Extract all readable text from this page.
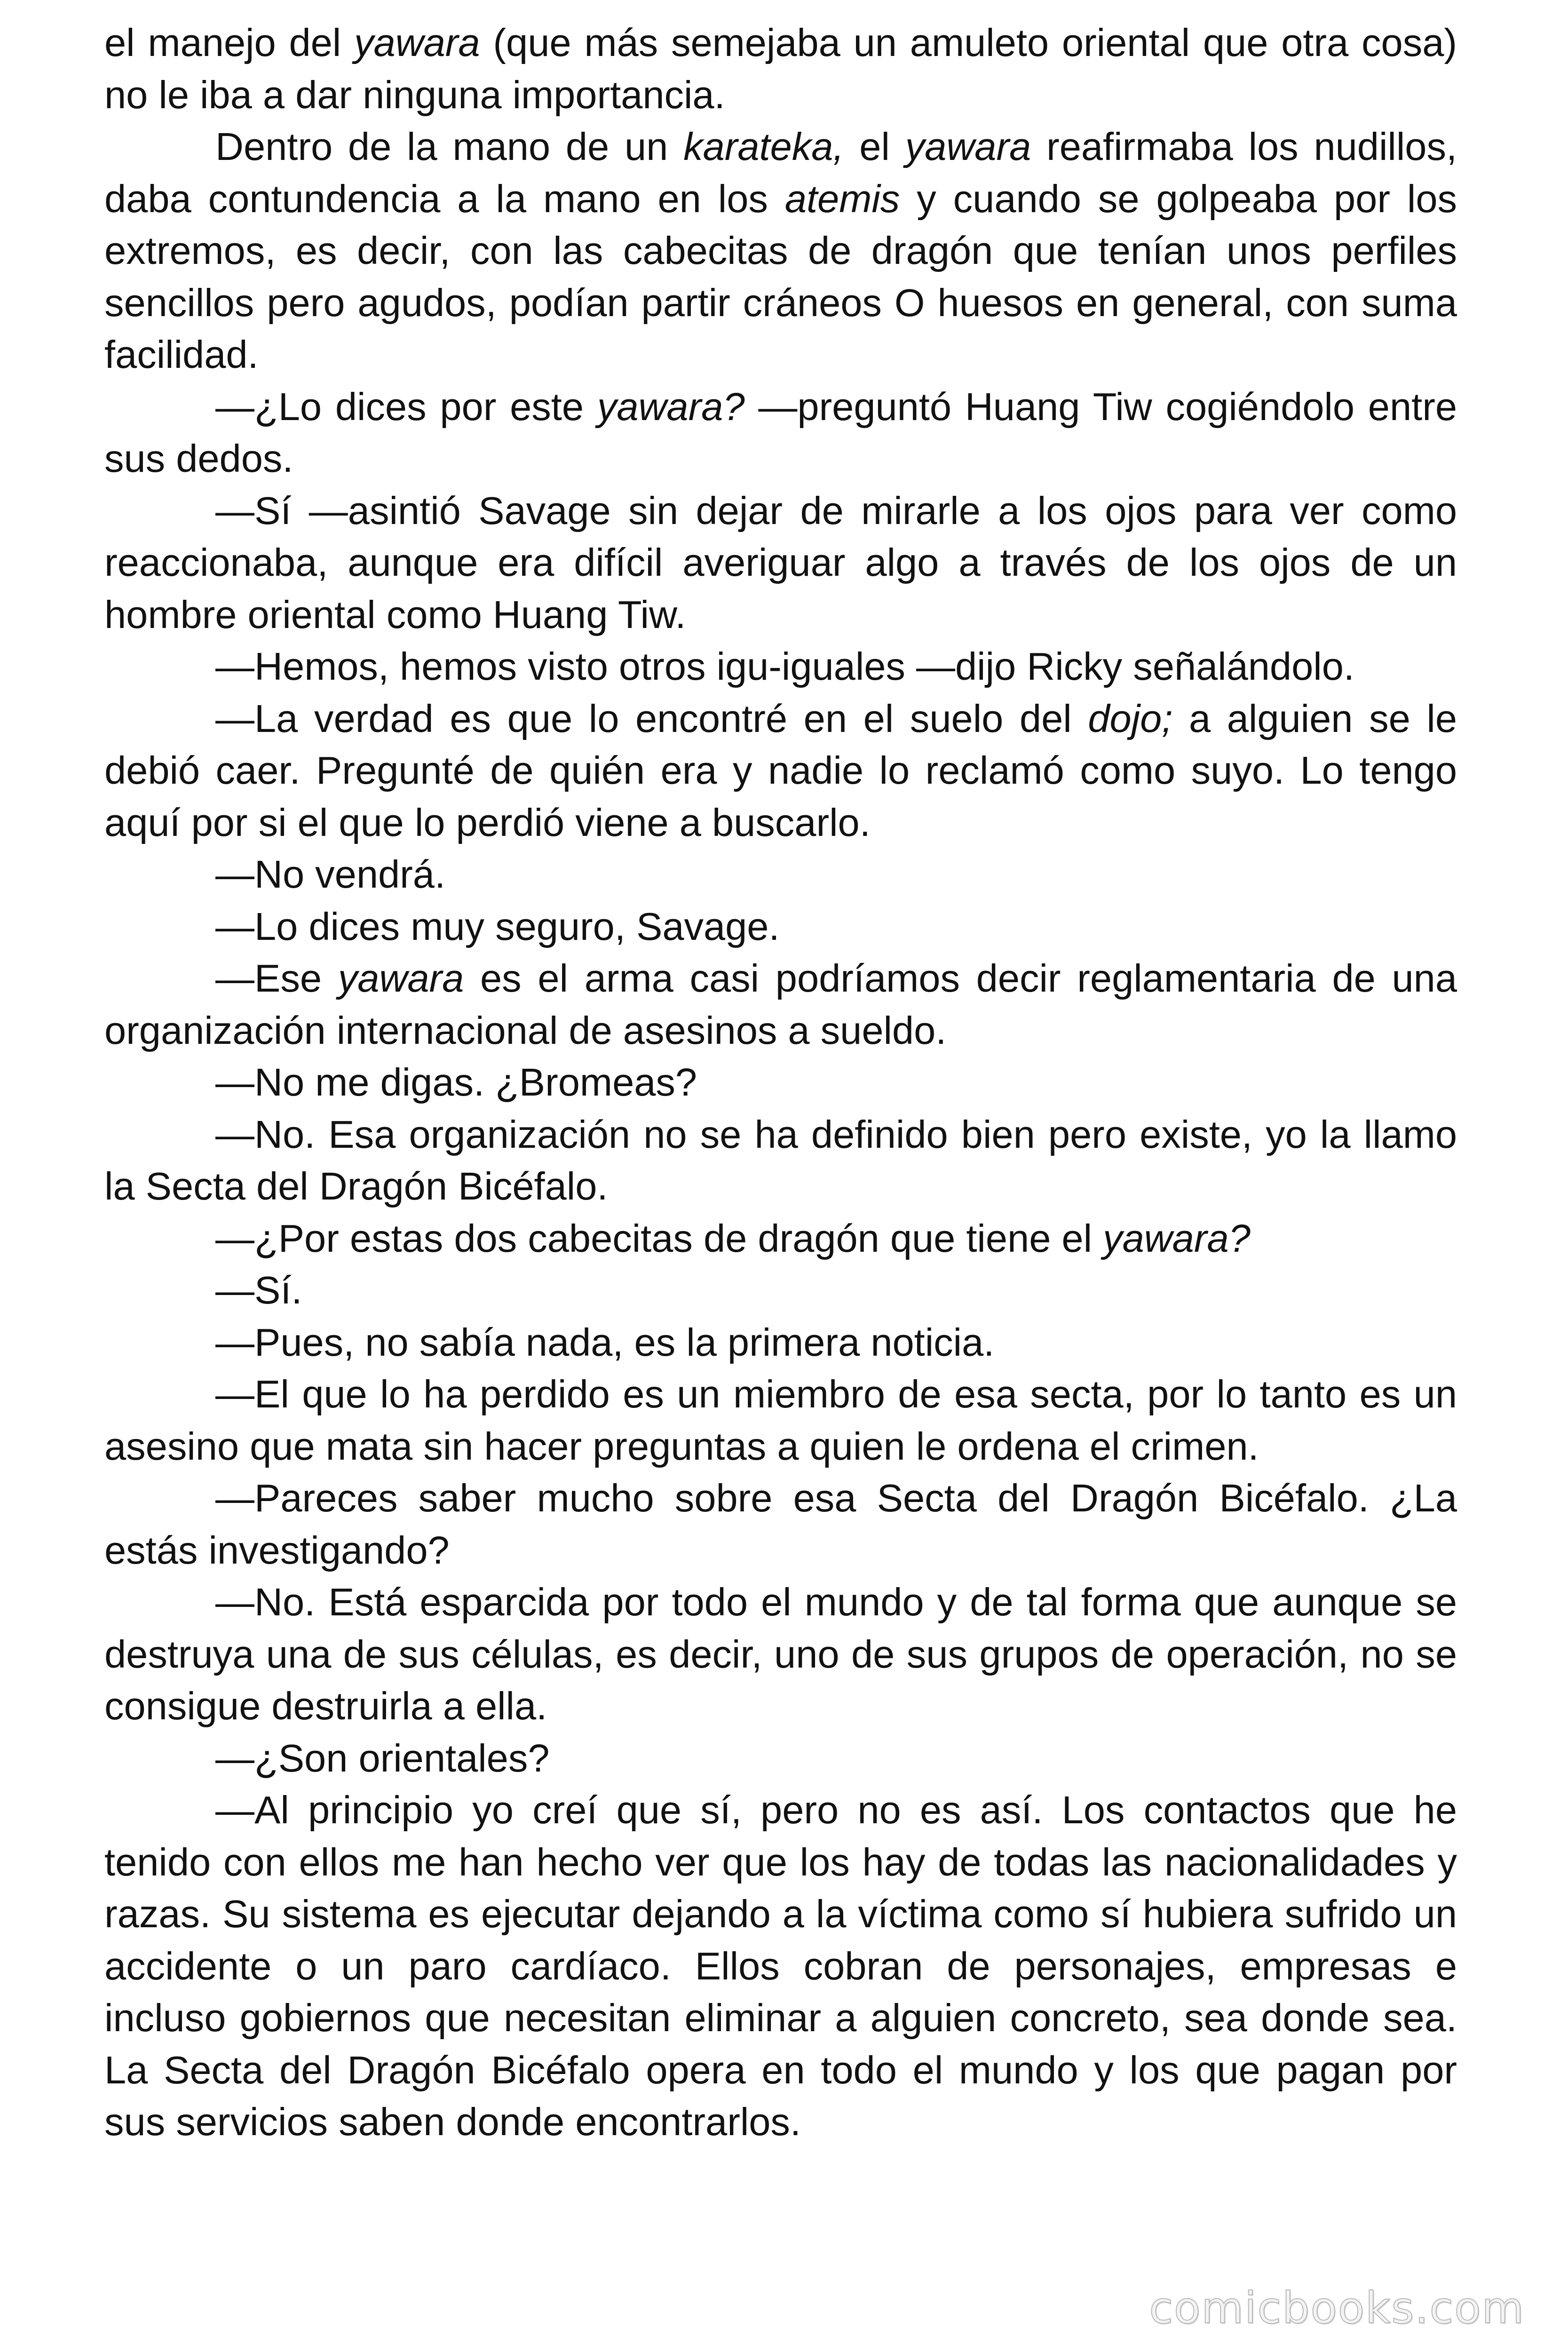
el manejo del yawara (que más semejaba un amuleto oriental que otra cosa) no le iba a dar ninguna importancia.

Dentro de la mano de un karateka, el yawara reafirmaba los nudillos, daba contundencia a la mano en los atemis y cuando se golpeaba por los extremos, es decir, con las cabecitas de dragón que tenían unos perfiles sencillos pero agudos, podían partir cráneos O huesos en general, con suma facilidad.

—¿Lo dices por este yawara? —preguntó Huang Tiw cogiéndolo entre sus dedos.

—Sí —asintió Savage sin dejar de mirarle a los ojos para ver como reaccionaba, aunque era difícil averiguar algo a través de los ojos de un hombre oriental como Huang Tiw.

—Hemos, hemos visto otros igu-iguales —dijo Ricky señalándolo.

—La verdad es que lo encontré en el suelo del dojo; a alguien se le debió caer. Pregunté de quién era y nadie lo reclamó como suyo. Lo tengo aquí por si el que lo perdió viene a buscarlo.

—No vendrá.

—Lo dices muy seguro, Savage.

—Ese yawara es el arma casi podríamos decir reglamentaria de una organización internacional de asesinos a sueldo.

—No me digas. ¿Bromeas?

—No. Esa organización no se ha definido bien pero existe, yo la llamo la Secta del Dragón Bicéfalo.

—¿Por estas dos cabecitas de dragón que tiene el yawara?

—Sí.

—Pues, no sabía nada, es la primera noticia.

—El que lo ha perdido es un miembro de esa secta, por lo tanto es un asesino que mata sin hacer preguntas a quien le ordena el crimen.

—Pareces saber mucho sobre esa Secta del Dragón Bicéfalo. ¿La estás investigando?

—No. Está esparcida por todo el mundo y de tal forma que aunque se destruya una de sus células, es decir, uno de sus grupos de operación, no se consigue destruirla a ella.

—¿Son orientales?

—Al principio yo creí que sí, pero no es así. Los contactos que he tenido con ellos me han hecho ver que los hay de todas las nacionalidades y razas. Su sistema es ejecutar dejando a la víctima como sí hubiera sufrido un accidente o un paro cardíaco. Ellos cobran de personajes, empresas e incluso gobiernos que necesitan eliminar a alguien concreto, sea donde sea. La Secta del Dragón Bicéfalo opera en todo el mundo y los que pagan por sus servicios saben donde encontrarlos.

comicbooks.com
